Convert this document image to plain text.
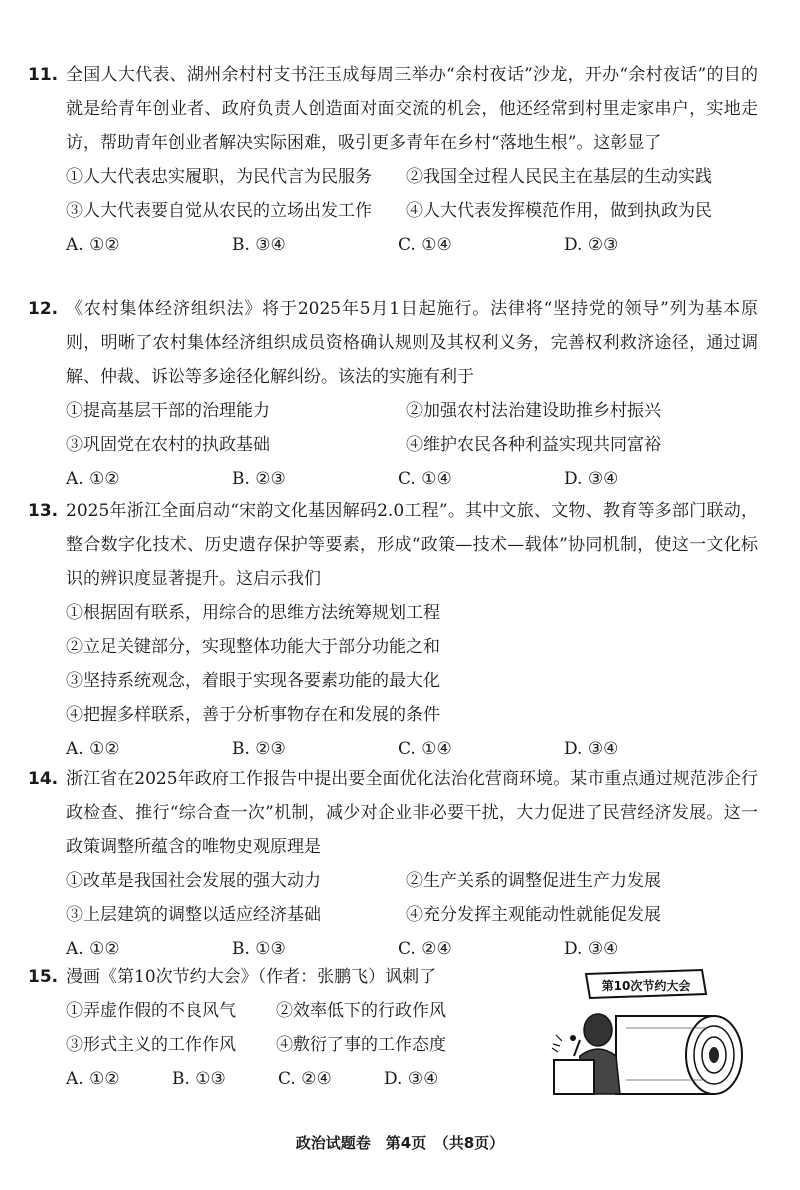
11. 全国人大代表、湖州余村村支书汪玉成每周三举办“余村夜话”沙龙，开办“余村夜话”的目的就是给青年创业者、政府负责人创造面对面交流的机会，他还经常到村里走家串户，实地走访，帮助青年创业者解决实际困难，吸引更多青年在乡村“落地生根”。这彰显了
①人大代表忠实履职，为民代言为民服务	②我国全过程人民民主在基层的生动实践
③人大代表要自觉从农民的立场出发工作	④人大代表发挥模范作用，做到执政为民
A. ①②	B. ③④	C. ①④	D. ②③
12. 《农村集体经济组织法》将于2025年5月1日起施行。法律将“坚持党的领导”列为基本原则，明晰了农村集体经济组织成员资格确认规则及其权利义务，完善权利救济途径，通过调解、仲裁、诉讼等多途径化解纠纷。该法的实施有利于
①提高基层干部的治理能力	②加强农村法治建设助推乡村振兴
③巩固党在农村的执政基础	④维护农民各种利益实现共同富裕
A. ①②	B. ②③	C. ①④	D. ③④
13. 2025年浙江全面启动“宋韵文化基因解码2.0工程”。其中文旅、文物、教育等多部门联动，整合数字化技术、历史遗存保护等要素，形成“政策—技术—载体”协同机制，使这一文化标识的辨识度显著提升。这启示我们
①根据固有联系，用综合的思维方法统筹规划工程
②立足关键部分，实现整体功能大于部分功能之和
③坚持系统观念，着眼于实现各要素功能的最大化
④把握多样联系，善于分析事物存在和发展的条件
A. ①②	B. ②③	C. ①④	D. ③④
14. 浙江省在2025年政府工作报告中提出要全面优化法治化营商环境。某市重点通过规范涉企行政检查、推行“综合查一次”机制，减少对企业非必要干扰，大力促进了民营经济发展。这一政策调整所蕴含的唯物史观原理是
①改革是我国社会发展的强大动力	②生产关系的调整促进生产力发展
③上层建筑的调整以适应经济基础	④充分发挥主观能动性就能促发展
A. ①②	B. ①③	C. ②④	D. ③④
15. 漫画《第10次节约大会》（作者：张鹏飞）讽刺了
①弄虚作假的不良风气	②效率低下的行政作风
③形式主义的工作作风	④敷衍了事的工作态度
A. ①②	B. ①③	C. ②④	D. ③④
第10次节约大会
政治试题卷　第4页　（共8页）
